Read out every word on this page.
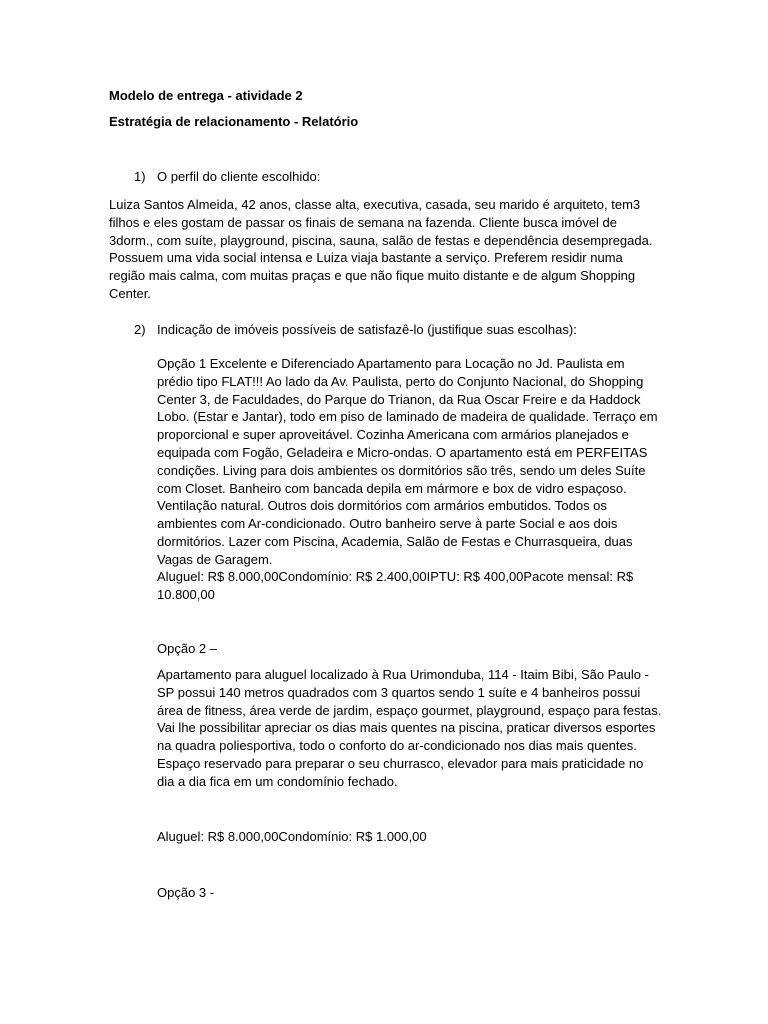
Modelo de entrega - atividade 2
Estratégia de relacionamento - Relatório
1) O perfil do cliente escolhido:
Luiza Santos Almeida, 42 anos, classe alta, executiva, casada, seu marido é arquiteto, tem3 filhos e eles gostam de passar os finais de semana na fazenda. Cliente busca imóvel de 3dorm., com suíte, playground, piscina, sauna, salão de festas e dependência desempregada. Possuem uma vida social intensa e Luiza viaja bastante a serviço. Preferem residir numa região mais calma, com muitas praças e que não fique muito distante e de algum Shopping Center.
2) Indicação de imóveis possíveis de satisfazê-lo (justifique suas escolhas):
Opção 1 Excelente e Diferenciado Apartamento para Locação no Jd. Paulista em prédio tipo FLAT!!! Ao lado da Av. Paulista, perto do Conjunto Nacional, do Shopping Center 3, de Faculdades, do Parque do Trianon, da Rua Oscar Freire e da Haddock Lobo. (Estar e Jantar), todo em piso de laminado de madeira de qualidade. Terraço em proporcional e super aproveitável. Cozinha Americana com armários planejados e equipada com Fogão, Geladeira e Micro-ondas. O apartamento está em PERFEITAS condições. Living para dois ambientes os dormitórios são três, sendo um deles Suíte com Closet. Banheiro com bancada depila em mármore e box de vidro espaçoso. Ventilação natural. Outros dois dormitórios com armários embutidos. Todos os ambientes com Ar-condicionado. Outro banheiro serve à parte Social e aos dois dormitórios. Lazer com Piscina, Academia, Salão de Festas e Churrasqueira, duas Vagas de Garagem.
Aluguel: R$ 8.000,00Condomínio: R$ 2.400,00IPTU: R$ 400,00Pacote mensal: R$ 10.800,00
Opção 2 –
Apartamento para aluguel localizado à Rua Urimonduba, 114 - Itaim Bibi, São Paulo - SP possui 140 metros quadrados com 3 quartos sendo 1 suíte e 4 banheiros possui área de fitness, área verde de jardim, espaço gourmet, playground, espaço para festas. Vai lhe possibilitar apreciar os dias mais quentes na piscina, praticar diversos esportes na quadra poliesportiva, todo o conforto do ar-condicionado nos dias mais quentes. Espaço reservado para preparar o seu churrasco, elevador para mais praticidade no dia a dia fica em um condomínio fechado.
Aluguel: R$ 8.000,00Condomínio: R$ 1.000,00
Opção 3 -
